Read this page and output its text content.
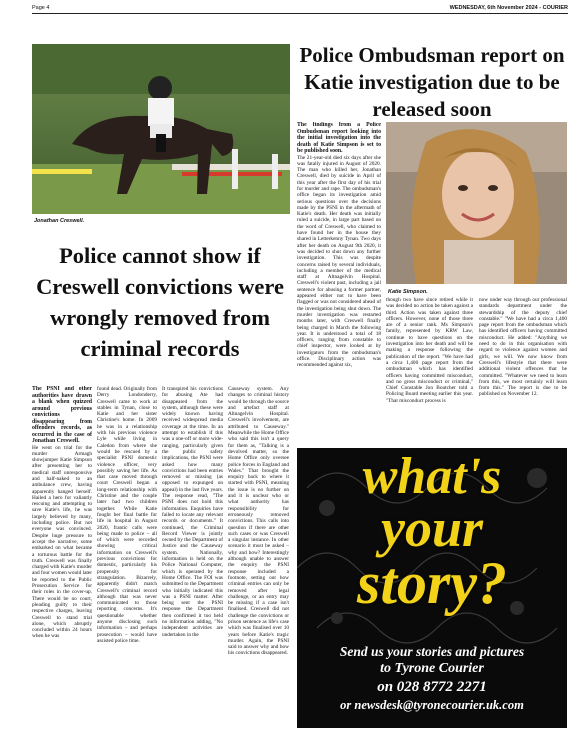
Page 4	WEDNESDAY, 6th November 2024 - COURIER
Jonathan Creswell.
Police cannot show if Creswell convictions were wrongly removed from criminal records

The PSNI and other authorities have drawn a blank when quizzed around previous convictions disappearing from offenders records, as occurred in the case of Jonathan Creswell.

He went on trial for the murder Armagh showjumper Katie Simpson after presenting her to medical staff unresponsive and half-naked to an ambulance crew, having apparently hanged herself. Hailed a hero for valiantly rescuing and attempting to save Katie's life, he was largely believed by many, including police. But not everyone was convinced. Despite huge pressure to accept the narrative, some embarked on what became a torturous battle for the truth. Creswell was finally charged with Katie's murder and four women would later be reported to the Public Prosecution Service for their roles in the cover-up. There would be no court, pleading guilty to their respective charges, leaving Creswell to stand trial alone, which abruptly concluded within 24 hours when he was

found dead. Originally from Derry Londonderry, Creswell came to work at stables in Tynan, close to Katie and her sister Christine's home. In 2009 he was in a relationship with his previous violence Lyle while living in Caledon from where she would be rescued by a specialist PSNI domestic violence officer, very possibly saving her life. As that case moved through court Creswell began a long-term relationship with Christine and the couple later had two children together. While Katie fought her final battle for life in hospital in August 2020, frantic calls were being made to police – all of which were recorded showing critical information on Creswell's previous convictions for domestic, particularly his propensity for strangulation. Bizarrely, apparently didn't match Creswell's criminal record although that was never communicated to those reporting concerns. It's questionable whether anyone disclosing such information – and perhaps prosecution – would have assisted police time.

It transpired his convictions for abusing Ate had disappeared from the system, although these were widely known having received widespread media coverage at the time. In an attempt to establish if this was a one-off or more wide-ranging, particularly given the public safety implications, the PSNI were asked how many convictions had been entries removed or missing (as opposed to expunged on appeal) in the last five years. The response read, "The PSNI does not hold this information. Enquiries have failed to locate any relevant records or documents." It continued, the Criminal Record Viewer is jointly owned by the Department of Justice and the Causeway system. Nationally, information is held on the Police National Computer, which is operated by the Home Office. The FOI was submitted to the Department who initially indicated this was a PSNI matter. After being sent the PSNI response the Department then confirmed it too held no information adding, "No independent activities are undertaken in the

Causeway system. Any changes to criminal history would be through the source and artefact staff at Altnagelvin Hospital. Creswell's involvement, are attributed to Causeway." Meanwhile the Home Office who said this isn't a query for them as, "Talking is a devolved matter, so the Home Office only oversee police forces in England and Wales." That brought the enquiry back to where it started with PSNI, meaning the issue is no further on and it is unclear who or what authority has responsibility for erroneously removed convictions. This calls into question if there are other such cases or was Creswell a singular instance. In other scenario it must be asked – why and how? Interestingly although unable to answer the enquiry the PSNI response included a footnote, setting out how criminal entries can only be removed after legal challenge, or an entry may be missing if a case isn't finalised. Creswell did not challenge the convictions or prison sentence as life's case which was finalised over 10 years before Katie's tragic murder. Again, the PSNI said to answer why and how his convictions disappeared.

Police Ombudsman report on Katie investigation due to be released soon

The findings from a Police Ombudsman report looking into the initial investigation into the death of Katie Simpson is set to be published soon.

The 21-year-old died six days after she was fatally injured in August of 2020. The man who killed her, Jonathan Creswell, died by suicide in April of this year after the first day of his trial for murder and rape. The ombudsman's office began its investigation amid serious questions over the decisions made by the PSNI in the aftermath of Katie's death. Her death was initially ruled a suicide, in large part based on the word of Creswell, who claimed to have found her in the house they shared in Letterkenny Tynan. Two days after her death on August 9th 2020, it was decided to shut down any further investigation. This was despite concerns raised by several individuals, including a member of the medical staff at Altnagelvin Hospital. Creswell's violent past, including a jail sentence for abusing a former partner, appeared either not to have been flagged or was not considered ahead of the investigation being shut down. The murder investigation was restarted months later, with Creswell finally being charged in March the following year. It is understood a total of 18 officers, ranging from constable to chief inspector, were looked at by investigators from the ombudsman's office. Disciplinary action was recommended against six,

Katie Simpson.

though two have since retired while it was decided no action be taken against a third. Action was taken against three officers. However, none of those three are of a senior rank. Ms Simpson's family, represented by KRW Law, continue to have questions on the investigation into her death and will be making a response following the publication of the report. "We have had a circa 1,400 page report from the ombudsman which has identified officers having committed misconduct, and no gross misconduct or criminal," Chief Constable Jon Boutcher told a Policing Board meeting earlier this year. "That misconduct process is

now under way through our professional standards department under the stewardship of the deputy chief constable." "We have had a circa 1,400 page report from the ombudsman which has identified officers having committed misconduct. He added: "Anything we need to do in this organisation with regard to violence against women and girls, we will. We now know from Creswell's lifestyle that there were additional violent offences that he committed. "Whatever we need to learn from this, we most certainly will learn from this." The report is due to be published on November 12.

what's
your
story?
Send us your stories and pictures
to Tyrone Courier
on 028 8772 2271
or newsdesk@tyronecourier.uk.com
